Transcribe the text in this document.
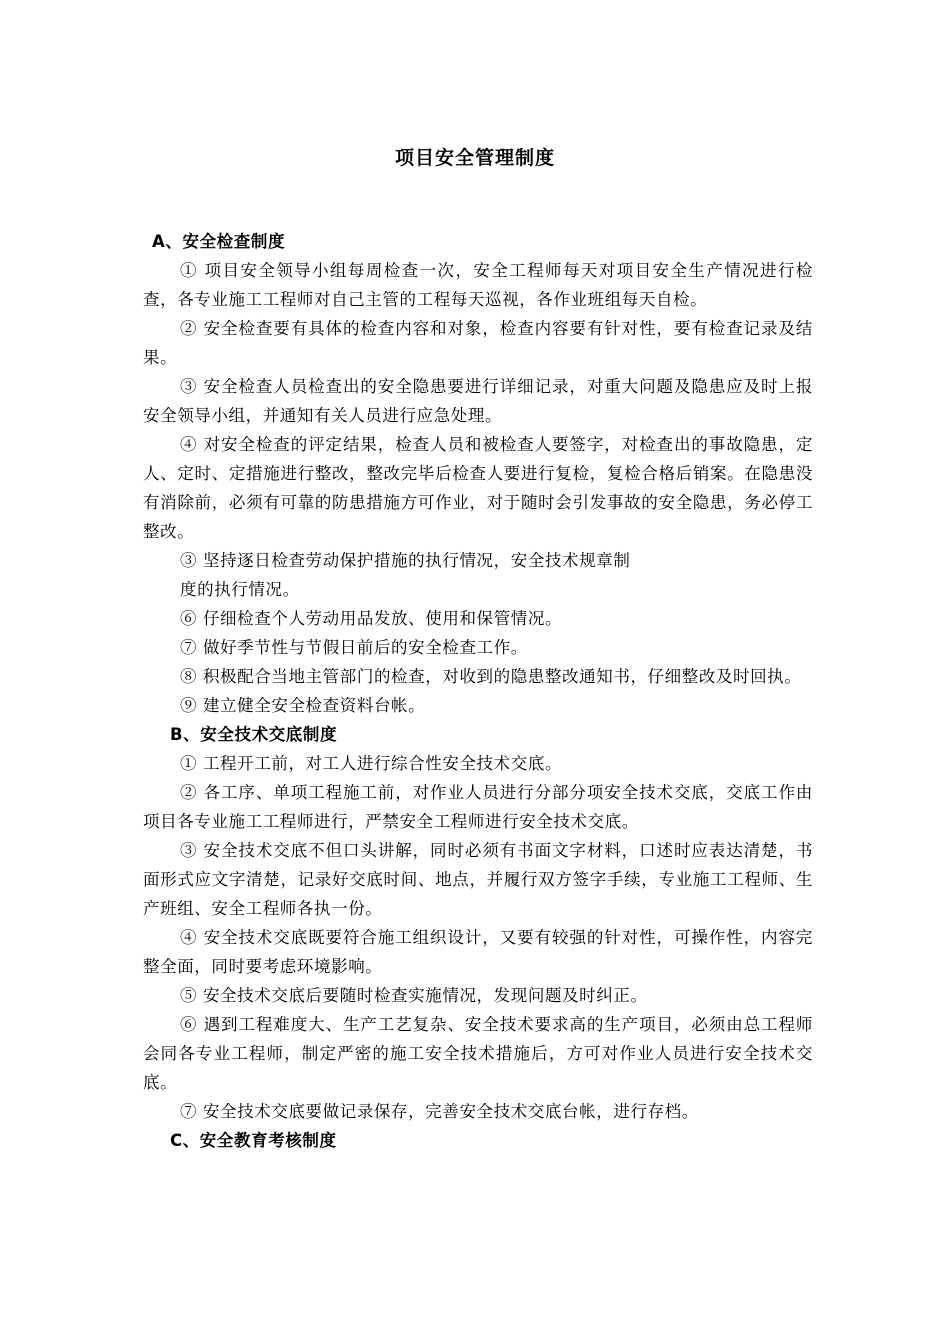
项目安全管理制度

A、安全检查制度

① 项目安全领导小组每周检查一次，安全工程师每天对项目安全生产情况进行检查，各专业施工工程师对自己主管的工程每天巡视，各作业班组每天自检。

② 安全检查要有具体的检查内容和对象，检查内容要有针对性，要有检查记录及结果。

③ 安全检查人员检查出的安全隐患要进行详细记录，对重大问题及隐患应及时上报安全领导小组，并通知有关人员进行应急处理。

④ 对安全检查的评定结果，检查人员和被检查人要签字，对检查出的事故隐患，定人、定时、定措施进行整改，整改完毕后检查人要进行复检，复检合格后销案。在隐患没有消除前，必须有可靠的防患措施方可作业，对于随时会引发事故的安全隐患，务必停工整改。

③ 坚持逐日检查劳动保护措施的执行情况，安全技术规章制
度的执行情况。

⑥ 仔细检查个人劳动用品发放、使用和保管情况。

⑦ 做好季节性与节假日前后的安全检查工作。

⑧ 积极配合当地主管部门的检查，对收到的隐患整改通知书，仔细整改及时回执。

⑨ 建立健全安全检查资料台帐。

B、安全技术交底制度

① 工程开工前，对工人进行综合性安全技术交底。

② 各工序、单项工程施工前，对作业人员进行分部分项安全技术交底，交底工作由项目各专业施工工程师进行，严禁安全工程师进行安全技术交底。

③ 安全技术交底不但口头讲解，同时必须有书面文字材料，口述时应表达清楚，书面形式应文字清楚，记录好交底时间、地点，并履行双方签字手续，专业施工工程师、生产班组、安全工程师各执一份。

④ 安全技术交底既要符合施工组织设计，又要有较强的针对性，可操作性，内容完整全面，同时要考虑环境影响。

⑤ 安全技术交底后要随时检查实施情况，发现问题及时纠正。

⑥ 遇到工程难度大、生产工艺复杂、安全技术要求高的生产项目，必须由总工程师会同各专业工程师，制定严密的施工安全技术措施后，方可对作业人员进行安全技术交底。

⑦ 安全技术交底要做记录保存，完善安全技术交底台帐，进行存档。

C、安全教育考核制度
